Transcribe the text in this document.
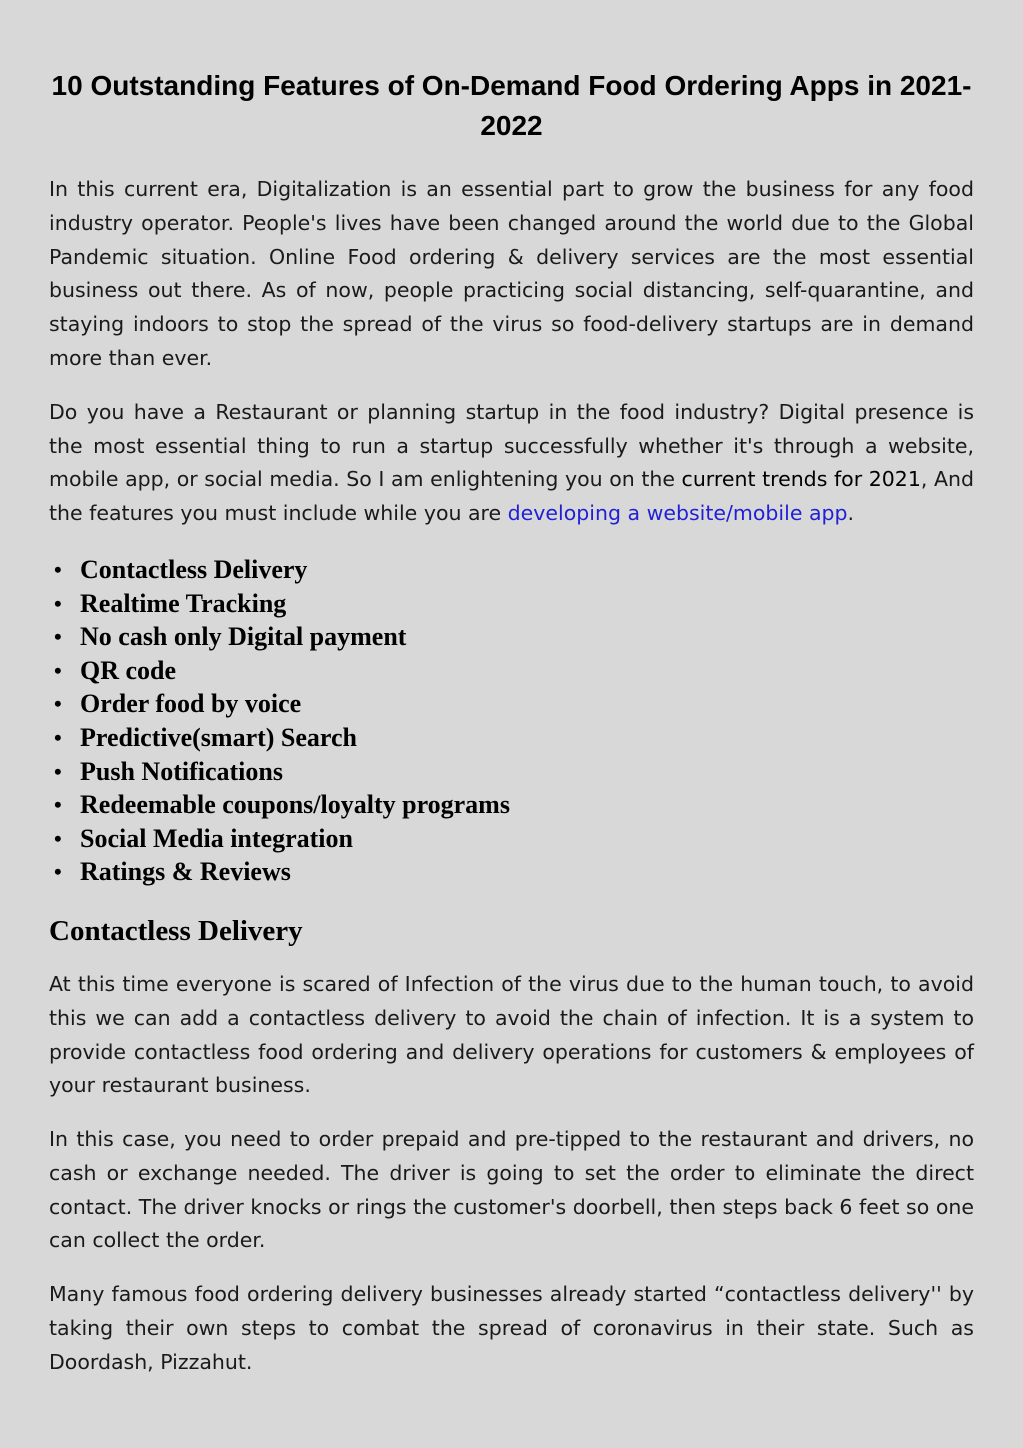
10 Outstanding Features of On-Demand Food Ordering Apps in 2021-2022

In this current era, Digitalization is an essential part to grow the business for any food industry operator. People's lives have been changed around the world due to the Global Pandemic situation. Online Food ordering & delivery services are the most essential business out there. As of now, people practicing social distancing, self-quarantine, and staying indoors to stop the spread of the virus so food-delivery startups are in demand more than ever.

Do you have a Restaurant or planning startup in the food industry? Digital presence is the most essential thing to run a startup successfully whether it's through a website, mobile app, or social media. So I am enlightening you on the current trends for 2021, And the features you must include while you are developing a website/mobile app.

• Contactless Delivery
• Realtime Tracking
• No cash only Digital payment
• QR code
• Order food by voice
• Predictive(smart) Search
• Push Notifications
• Redeemable coupons/loyalty programs
• Social Media integration
• Ratings & Reviews
Contactless Delivery

At this time everyone is scared of Infection of the virus due to the human touch, to avoid this we can add a contactless delivery to avoid the chain of infection. It is a system to provide contactless food ordering and delivery operations for customers & employees of your restaurant business.

In this case, you need to order prepaid and pre-tipped to the restaurant and drivers, no cash or exchange needed. The driver is going to set the order to eliminate the direct contact. The driver knocks or rings the customer's doorbell, then steps back 6 feet so one can collect the order.

Many famous food ordering delivery businesses already started “contactless delivery'' by taking their own steps to combat the spread of coronavirus in their state. Such as Doordash, Pizzahut.
